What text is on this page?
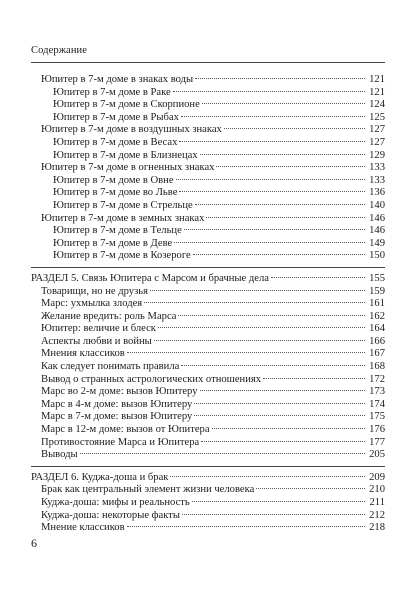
Содержание
Юпитер в 7-м доме в знаках воды	121
Юпитер в 7-м доме в Раке	121
Юпитер в 7-м доме в Скорпионе	124
Юпитер в 7-м доме в Рыбах	125
Юпитер в 7-м доме в воздушных знаках	127
Юпитер в 7-м доме в Весах	127
Юпитер в 7-м доме в Близнецах	129
Юпитер в 7-м доме в огненных знаках	133
Юпитер в 7-м доме в Овне	133
Юпитер в 7-м доме во Льве	136
Юпитер в 7-м доме в Стрельце	140
Юпитер в 7-м доме в земных знаках	146
Юпитер в 7-м доме в Тельце	146
Юпитер в 7-м доме в Деве	149
Юпитер в 7-м доме в Козероге	150
РАЗДЕЛ 5. Связь Юпитера с Марсом и брачные дела	155
Товарищи, но не друзья	159
Марс: ухмылка злодея	161
Желание вредить: роль Марса	162
Юпитер: величие и блеск	164
Аспекты любви и войны	166
Мнения классиков	167
Как следует понимать правила	168
Вывод о странных астрологических отношениях	172
Марс во 2-м доме: вызов Юпитеру	173
Марс в 4-м доме: вызов Юпитеру	174
Марс в 7-м доме: вызов Юпитеру	175
Марс в 12-м доме: вызов от Юпитера	176
Противостояние Марса и Юпитера	177
Выводы	205
РАЗДЕЛ 6. Куджа-доша и брак	209
Брак как центральный элемент жизни человека	210
Куджа-доша: мифы и реальность	211
Куджа-доша: некоторые факты	212
Мнение классиков	218
6
